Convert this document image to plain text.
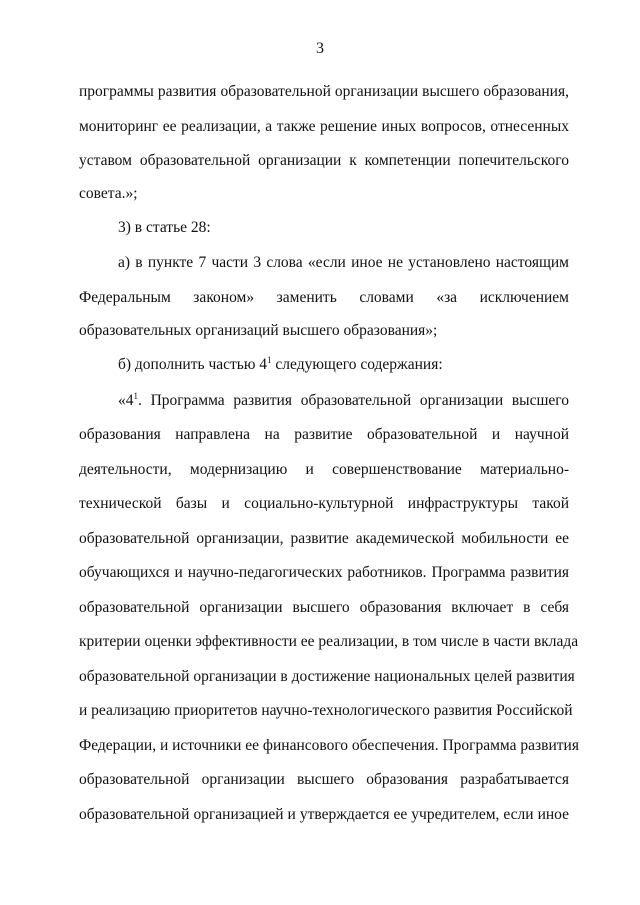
3
программы развития образовательной организации высшего образования,
мониторинг ее реализации, а также решение иных вопросов, отнесенных
уставом образовательной организации к компетенции попечительского
совета.»;
3) в статье 28:
а) в пункте 7 части 3 слова «если иное не установлено настоящим
Федеральным законом» заменить словами «за исключением
образовательных организаций высшего образования»;
б) дополнить частью $4^1$ следующего содержания:
«$4^1$. Программа развития образовательной организации высшего
образования направлена на развитие образовательной и научной
деятельности, модернизацию и совершенствование материально-
технической базы и социально-культурной инфраструктуры такой
образовательной организации, развитие академической мобильности ее
обучающихся и научно-педагогических работников. Программа развития
образовательной организации высшего образования включает в себя
критерии оценки эффективности ее реализации, в том числе в части вклада
образовательной организации в достижение национальных целей развития
и реализацию приоритетов научно-технологического развития Российской
Федерации, и источники ее финансового обеспечения. Программа развития
образовательной организации высшего образования разрабатывается
образовательной организацией и утверждается ее учредителем, если иное
